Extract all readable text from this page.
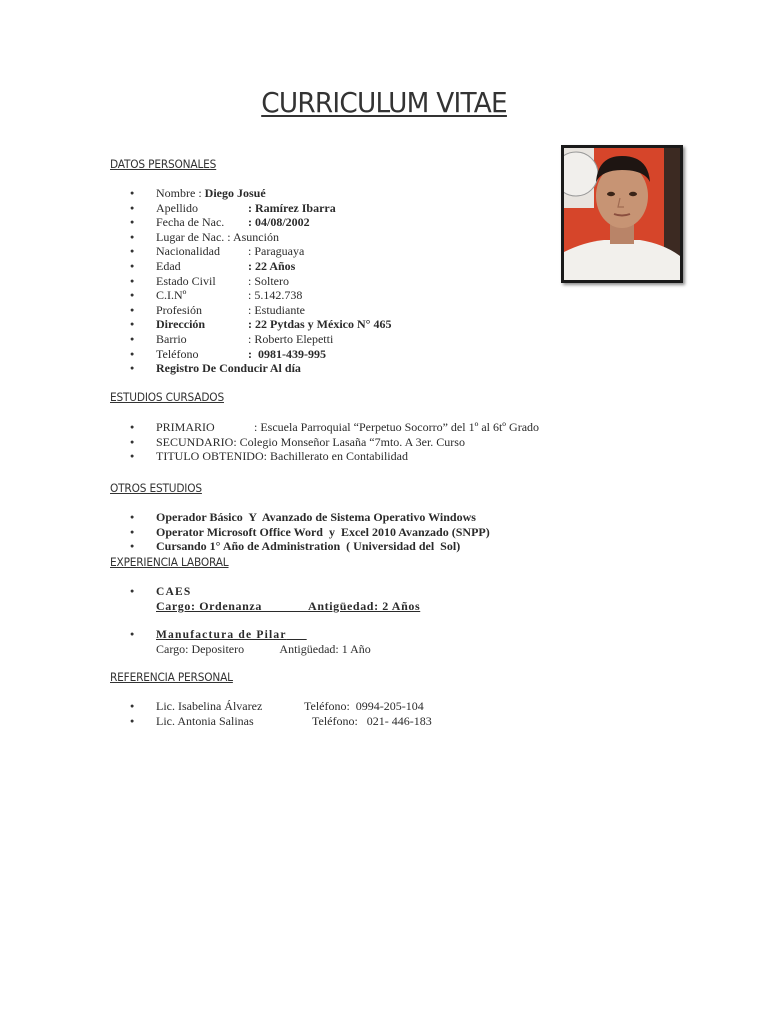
CURRICULUM VITAE
DATOS PERSONALES
● Nombre : Diego Josué
● Apellido	: Ramírez Ibarra
● Fecha de Nac. : 04/08/2002
● Lugar de Nac. : Asunción
● Nacionalidad : Paraguaya
● Edad	: 22 Años
● Estado Civil	: Soltero
● C.I.Nº	: 5.142.738
● Profesión	: Estudiante
● Dirección	: 22 Pytdas y México N° 465
● Barrio	: Roberto Elepetti
● Teléfono	:  0981-439-995
● Registro De Conducir Al día
ESTUDIOS CURSADOS
● PRIMARIO	: Escuela Parroquial “Perpetuo Socorro” del 1º al 6tº Grado
● SECUNDARIO: Colegio Monseñor Lasaña “7mto. A 3er. Curso
● TITULO OBTENIDO: Bachillerato en Contabilidad
OTROS ESTUDIOS
● Operador Básico  Y  Avanzado de Sistema Operativo Windows
● Operator Microsoft Office Word  y  Excel 2010 Avanzado (SNPP)
● Cursando 1° Año de Administration  ( Universidad del  Sol)
EXPERIENCIA LABORAL
● CAES
Cargo: Ordenanza             Antigüedad: 2 Años
● Manufactura de Pilar
Cargo: Depositero            Antigüedad: 1 Año
REFERENCIA PERSONAL
● Lic. Isabelina Álvarez	Teléfono:  0994-205-104
● Lic. Antonia Salinas	Teléfono:   021- 446-183
